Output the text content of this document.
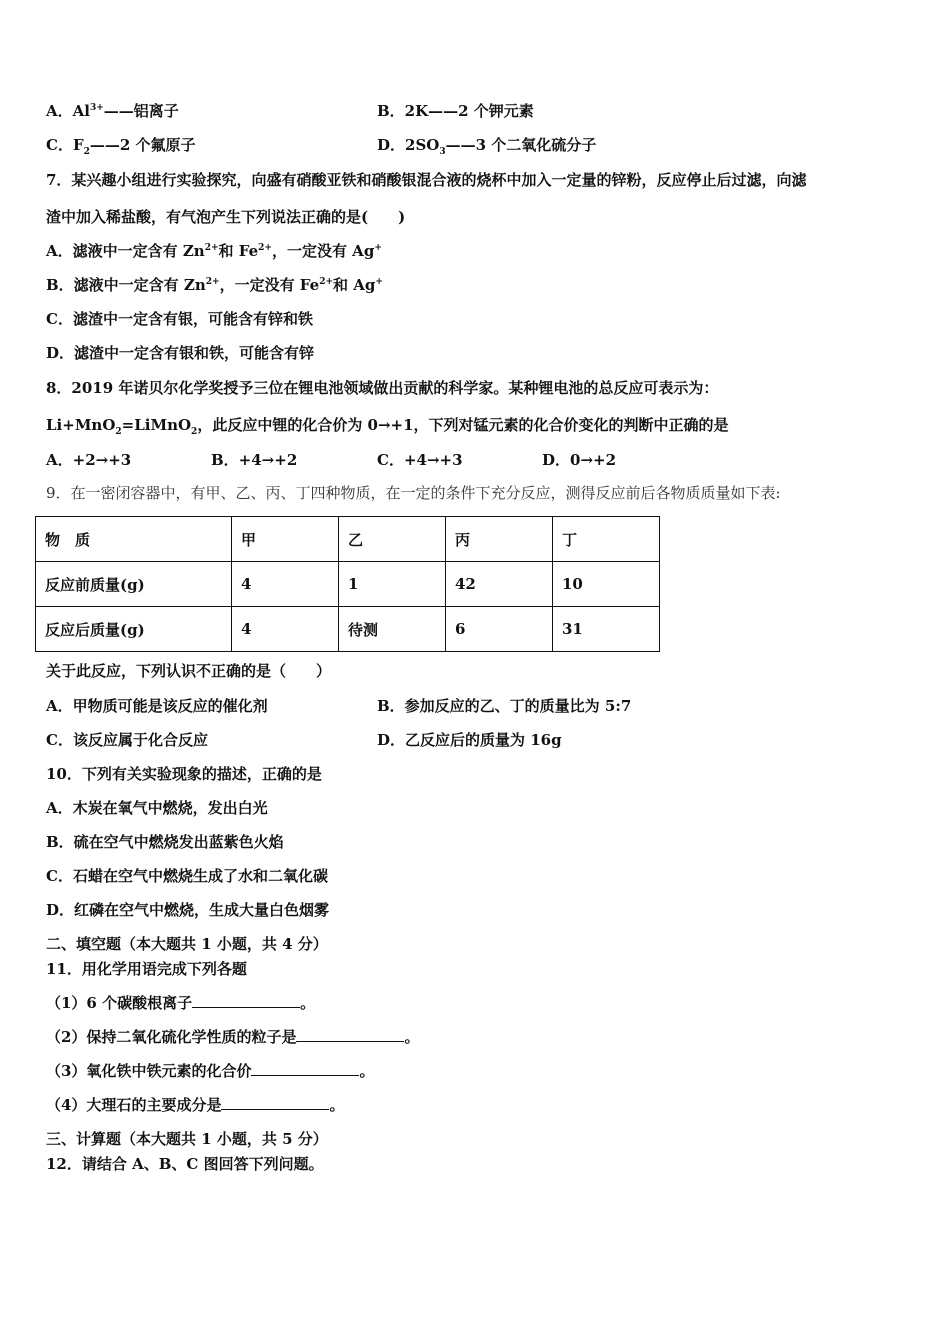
A．$Al^{3+}——$铝离子	B．2K——2 个钾元素
C．$F_2——2$ 个氟原子	D．$2SO_3——3$ 个二氧化硫分子
7．某兴趣小组进行实验探究，向盛有硝酸亚铁和硝酸银混合液的烧杯中加入一定量的锌粉，反应停止后过滤，向滤
渣中加入稀盐酸，有气泡产生下列说法正确的是(　　)
A．滤液中一定含有 $Zn^{2+}$和 $Fe^{2+}$，一定没有 Ag+
B．滤液中一定含有 $Zn^{2+}$，一定没有 $Fe^{2+}$和 Ag+
C．滤渣中一定含有银，可能含有锌和铁
D．滤渣中一定含有银和铁，可能含有锌
8．2019 年诺贝尔化学奖授予三位在锂电池领域做出贡献的科学家。某种锂电池的总反应可表示为：
Li+MnO$_2$=LiMnO$_2$，此反应中锂的化合价为 0→+1，下列对锰元素的化合价变化的判断中正确的是
A．+2→+3	B．+4→+2	C．+4→+3	D．0→+2
9．在一密闭容器中，有甲、乙、丙、丁四种物质，在一定的条件下充分反应，测得反应前后各物质质量如下表:
物　质	甲	乙	丙	丁
反应前质量(g)	4	1	42	10
反应后质量(g)	4	待测	6	31
关于此反应，下列认识不正确的是（　　）
A．甲物质可能是该反应的催化剂	B．参加反应的乙、丁的质量比为 5:7
C．该反应属于化合反应	D．乙反应后的质量为 16g
10．下列有关实验现象的描述，正确的是
A．木炭在氧气中燃烧，发出白光
B．硫在空气中燃烧发出蓝紫色火焰
C．石蜡在空气中燃烧生成了水和二氧化碳
D．红磷在空气中燃烧，生成大量白色烟雾
二、填空题（本大题共 1 小题，共 4 分）
11．用化学用语完成下列各题
（1）6 个碳酸根离子	。
（2）保持二氧化硫化学性质的粒子是	。
（3）氧化铁中铁元素的化合价	。
（4）大理石的主要成分是	。
三、计算题（本大题共 1 小题，共 5 分）
12．请结合 A、B、C 图回答下列问题。
